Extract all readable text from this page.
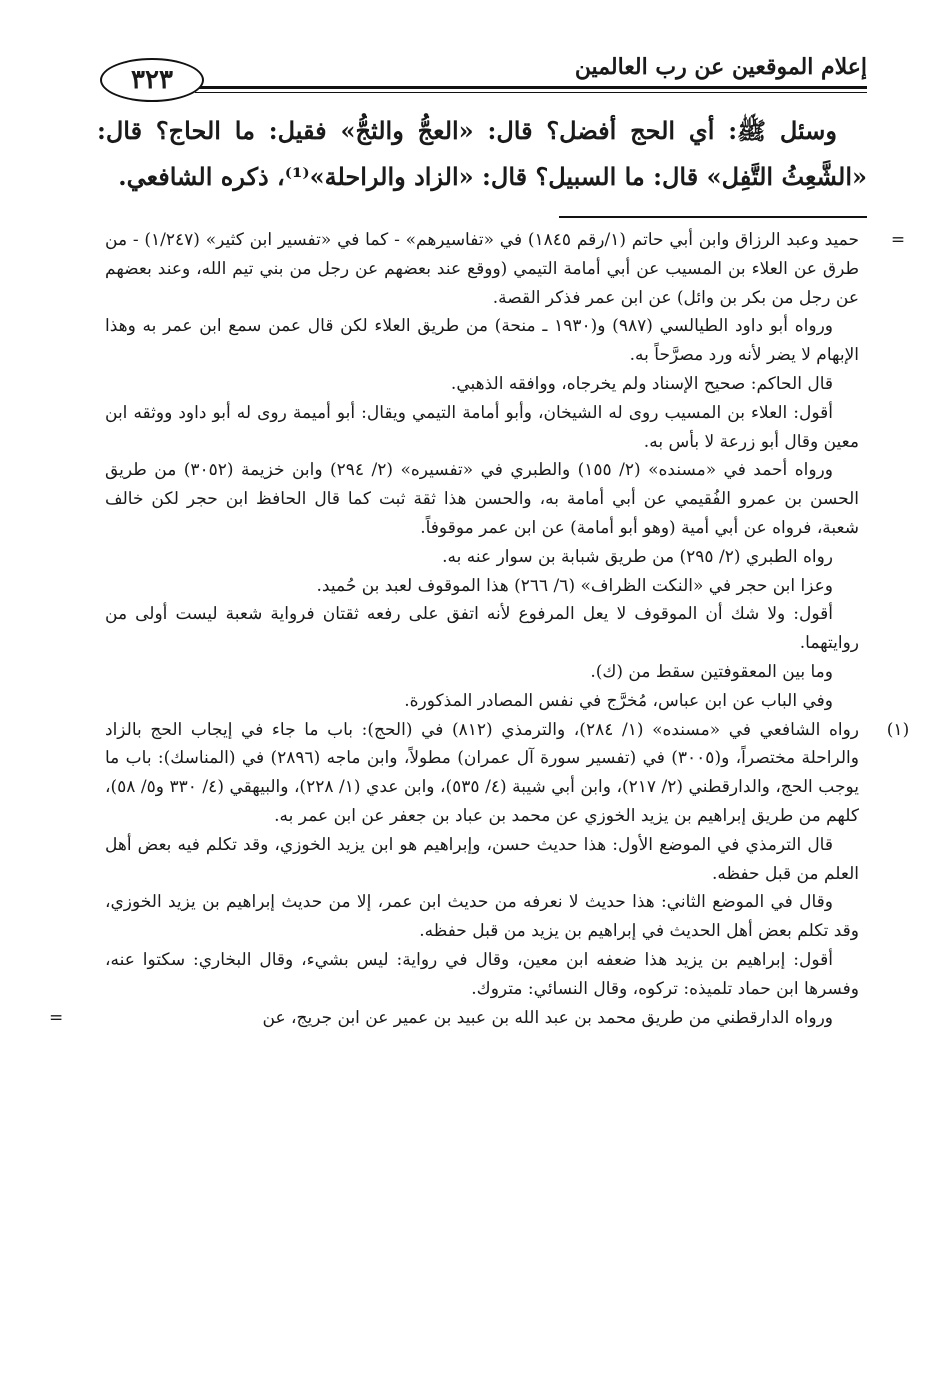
إعلام الموقعين عن رب العالمين
٣٢٣

وسئل ﷺ: أي الحج أفضل؟ قال: «العجُّ والثجُّ» فقيل: ما الحاج؟ قال: «الشَّعِثُ التَّفِل» قال: ما السبيل؟ قال: «الزاد والراحلة»⁽¹⁾، ذكره الشافعي.

=

حميد وعبد الرزاق وابن أبي حاتم (١/رقم ١٨٤٥) في «تفاسيرهم» - كما في «تفسير ابن كثير» (١/٢٤٧) - من طرق عن العلاء بن المسيب عن أبي أمامة التيمي (ووقع عند بعضهم عن رجل من بني تيم الله، وعند بعضهم عن رجل من بكر بن وائل) عن ابن عمر فذكر القصة.

ورواه أبو داود الطيالسي (٩٨٧) و(١٩٣٠ ـ منحة) من طريق العلاء لكن قال عمن سمع ابن عمر به وهذا الإبهام لا يضر لأنه ورد مصرَّحاً به.

قال الحاكم: صحيح الإسناد ولم يخرجاه، ووافقه الذهبي.

أقول: العلاء بن المسيب روى له الشيخان، وأبو أمامة التيمي ويقال: أبو أميمة روى له أبو داود ووثقه ابن معين وقال أبو زرعة لا بأس به.

ورواه أحمد في «مسنده» (٢/ ١٥٥) والطبري في «تفسيره» (٢/ ٢٩٤) وابن خزيمة (٣٠٥٢) من طريق الحسن بن عمرو الفُقيمي عن أبي أمامة به، والحسن هذا ثقة ثبت كما قال الحافظ ابن حجر لكن خالف شعبة، فرواه عن أبي أمية (وهو أبو أمامة) عن ابن عمر موقوفاً.

رواه الطبري (٢/ ٢٩٥) من طريق شبابة بن سوار عنه به.

وعزا ابن حجر في «النكت الظراف» (٦/ ٢٦٦) هذا الموقوف لعبد بن حُميد.

أقول: ولا شك أن الموقوف لا يعل المرفوع لأنه اتفق على رفعه ثقتان فرواية شعبة ليست أولى من روايتهما.

وما بين المعقوفتين سقط من (ك).

وفي الباب عن ابن عباس، مُخرَّج في نفس المصادر المذكورة.

(١)

رواه الشافعي في «مسنده» (١/ ٢٨٤)، والترمذي (٨١٢) في (الحج): باب ما جاء في إيجاب الحج بالزاد والراحلة مختصراً، و(٣٠٠٥) في (تفسير سورة آل عمران) مطولاً، وابن ماجه (٢٨٩٦) في (المناسك): باب ما يوجب الحج، والدارقطني (٢/ ٢١٧)، وابن أبي شيبة (٤/ ٥٣٥)، وابن عدي (١/ ٢٢٨)، والبيهقي (٤/ ٣٣٠ و٥/ ٥٨)، كلهم من طريق إبراهيم بن يزيد الخوزي عن محمد بن عباد بن جعفر عن ابن عمر به.

قال الترمذي في الموضع الأول: هذا حديث حسن، وإبراهيم هو ابن يزيد الخوزي، وقد تكلم فيه بعض أهل العلم من قبل حفظه.

وقال في الموضع الثاني: هذا حديث لا نعرفه من حديث ابن عمر، إلا من حديث إبراهيم بن يزيد الخوزي، وقد تكلم بعض أهل الحديث في إبراهيم بن يزيد من قبل حفظه.

أقول: إبراهيم بن يزيد هذا ضعفه ابن معين، وقال في رواية: ليس بشيء، وقال البخاري: سكتوا عنه، وفسرها ابن حماد تلميذه: تركوه، وقال النسائي: متروك.

ورواه الدارقطني من طريق محمد بن عبد الله بن عبيد بن عمير عن ابن جريج، عن

=
